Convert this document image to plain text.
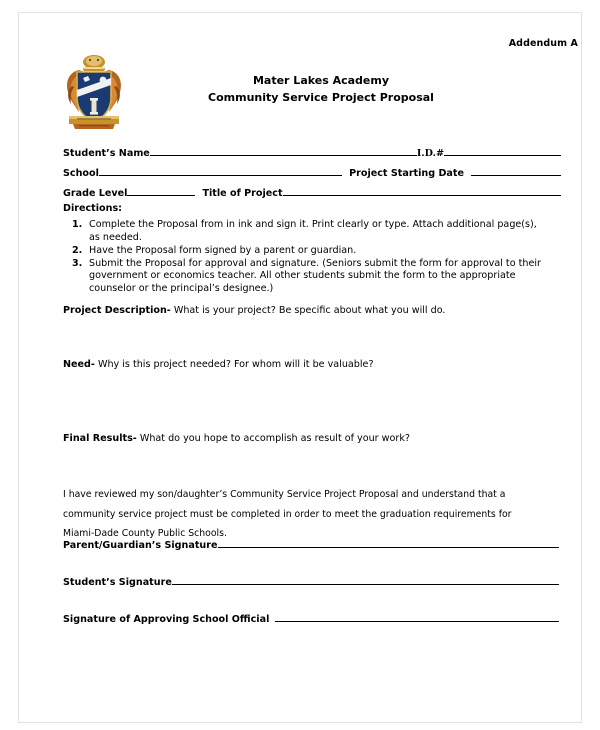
Addendum A
Mater Lakes Academy
Community Service Project Proposal
Student’s Name	I.D.#
School	Project Starting Date
Grade Level	Title of Project
Directions:
1. Complete the Proposal from in ink and sign it. Print clearly or type. Attach additional page(s), as needed.
2. Have the Proposal form signed by a parent or guardian.
3. Submit the Proposal for approval and signature. (Seniors submit the form for approval to their government or economics teacher. All other students submit the form to the appropriate counselor or the principal’s designee.)
Project Description- What is your project? Be specific about what you will do.
Need- Why is this project needed? For whom will it be valuable?
Final Results- What do you hope to accomplish as result of your work?
I have reviewed my son/daughter’s Community Service Project Proposal and understand that a community service project must be completed in order to meet the graduation requirements for Miami-Dade County Public Schools.
Parent/Guardian’s Signature
Student’s Signature
Signature of Approving School Official
